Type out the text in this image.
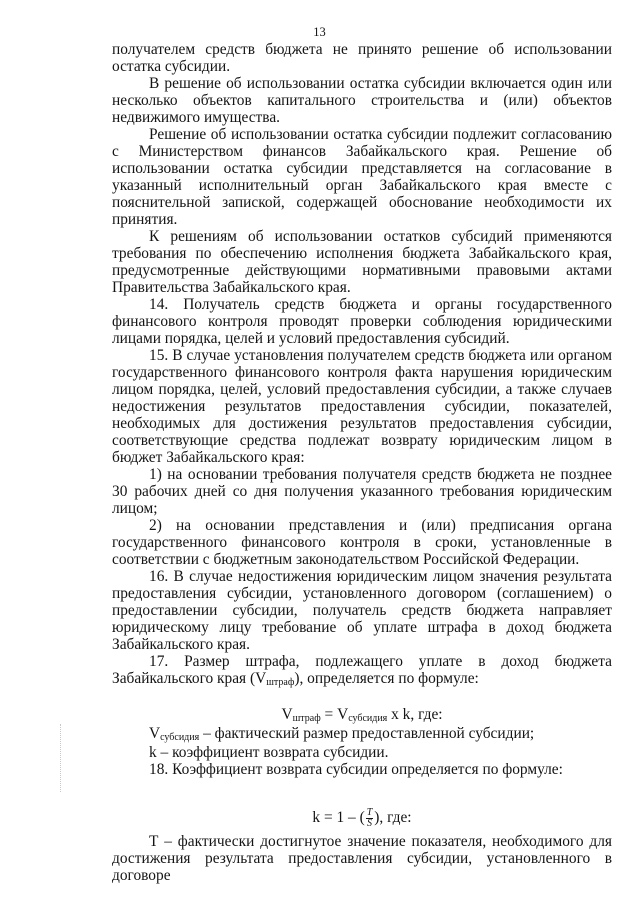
13

получателем средств бюджета не принято решение об использовании остатка субсидии.

В решение об использовании остатка субсидии включается один или несколько объектов капитального строительства и (или) объектов недвижимого имущества.

Решение об использовании остатка субсидии подлежит согласованию с Министерством финансов Забайкальского края. Решение об использовании остатка субсидии представляется на согласование в указанный исполнительный орган Забайкальского края вместе с пояснительной запиской, содержащей обоснование необходимости их принятия.

К решениям об использовании остатков субсидий применяются требования по обеспечению исполнения бюджета Забайкальского края, предусмотренные действующими нормативными правовыми актами Правительства Забайкальского края.

14. Получатель средств бюджета и органы государственного финансового контроля проводят проверки соблюдения юридическими лицами порядка, целей и условий предоставления субсидий.

15. В случае установления получателем средств бюджета или органом государственного финансового контроля факта нарушения юридическим лицом порядка, целей, условий предоставления субсидии, а также случаев недостижения результатов предоставления субсидии, показателей, необходимых для достижения результатов предоставления субсидии, соответствующие средства подлежат возврату юридическим лицом в бюджет Забайкальского края:

1) на основании требования получателя средств бюджета не позднее 30 рабочих дней со дня получения указанного требования юридическим лицом;

2) на основании представления и (или) предписания органа государственного финансового контроля в сроки, установленные в соответствии с бюджетным законодательством Российской Федерации.

16. В случае недостижения юридическим лицом значения результата предоставления субсидии, установленного договором (соглашением) о предоставлении субсидии, получатель средств бюджета направляет юридическому лицу требование об уплате штрафа в доход бюджета Забайкальского края.

17. Размер штрафа, подлежащего уплате в доход бюджета Забайкальского края (Vштраф), определяется по формуле:

Vштраф = Vсубсидия x k, где:

Vсубсидия – фактический размер предоставленной субсидии;

k – коэффициент возврата субсидии.

18. Коэффициент возврата субсидии определяется по формуле:

k = 1 – ( $\frac{T}{S}$ ), где:

Т – фактически достигнутое значение показателя, необходимого для достижения результата предоставления субсидии, установленного в договоре
